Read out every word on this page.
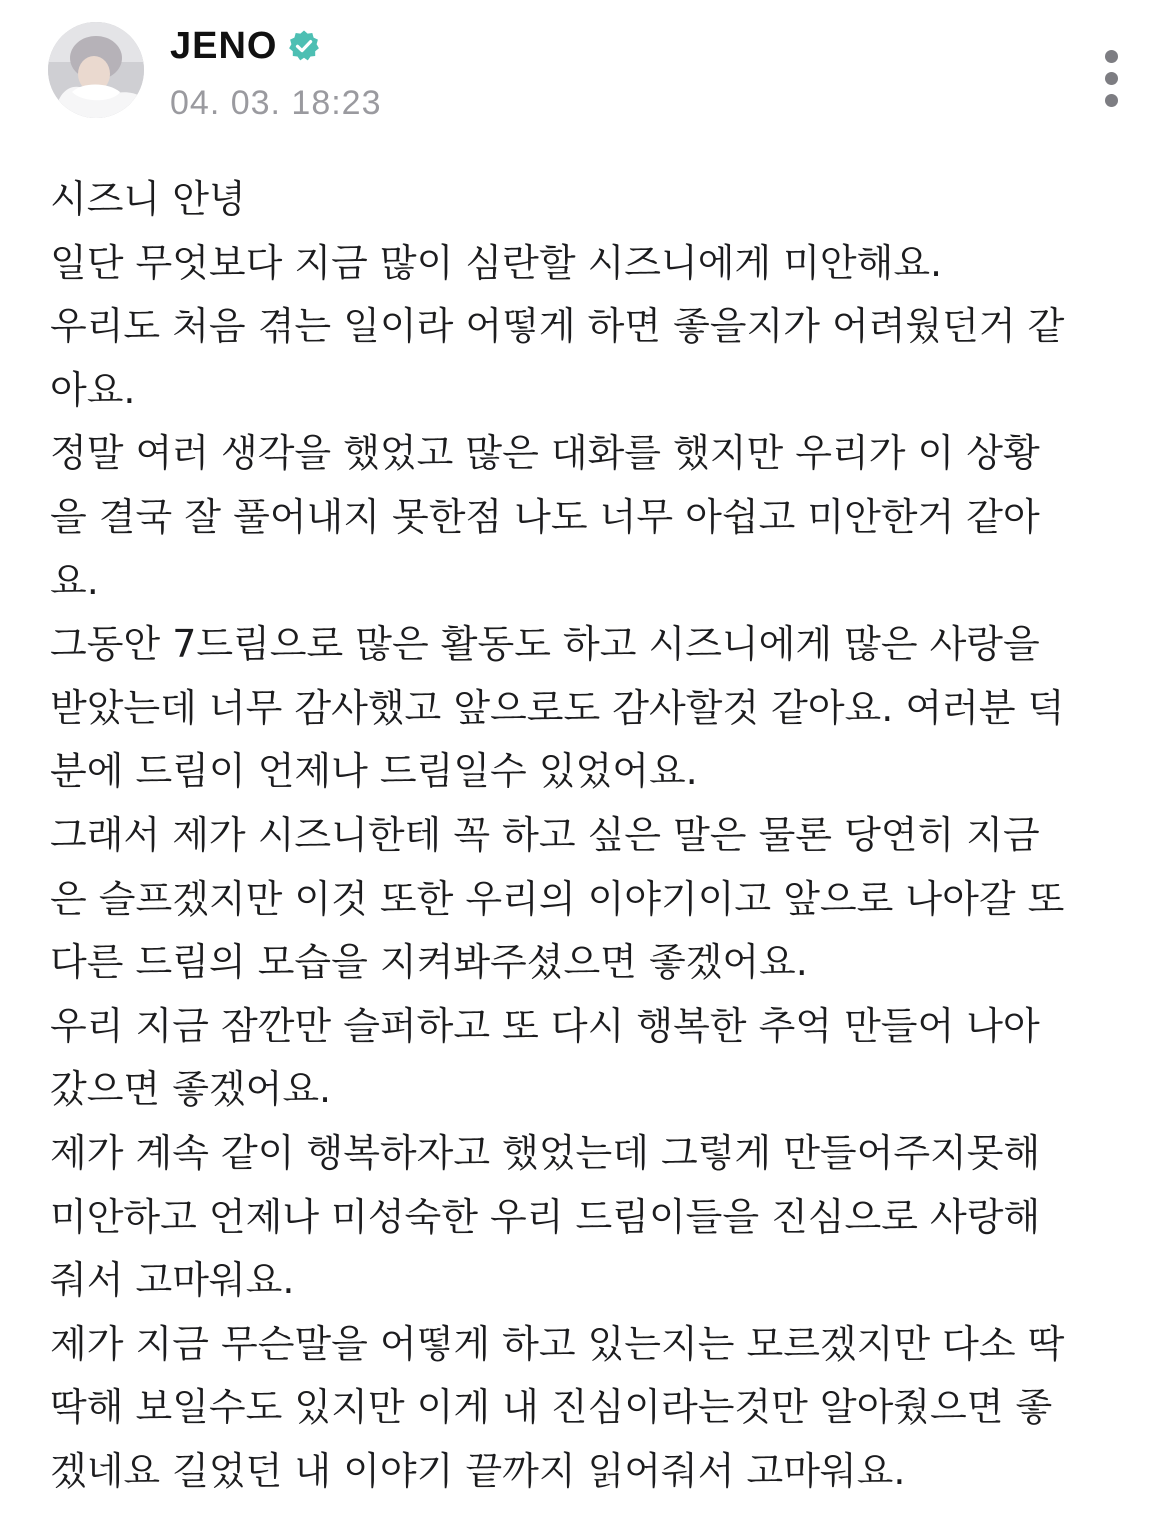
JENO
04. 03. 18:23
시즈니 안녕
일단 무엇보다 지금 많이 심란할 시즈니에게 미안해요.
우리도 처음 겪는 일이라 어떻게 하면 좋을지가 어려웠던거 같
아요.
정말 여러 생각을 했었고 많은 대화를 했지만 우리가 이 상황
을 결국 잘 풀어내지 못한점 나도 너무 아쉽고 미안한거 같아
요.
그동안 7드림으로 많은 활동도 하고 시즈니에게 많은 사랑을
받았는데 너무 감사했고 앞으로도 감사할것 같아요. 여러분 덕
분에 드림이 언제나 드림일수 있었어요.
그래서 제가 시즈니한테 꼭 하고 싶은 말은 물론 당연히 지금
은 슬프겠지만 이것 또한 우리의 이야기이고 앞으로 나아갈 또
다른 드림의 모습을 지켜봐주셨으면 좋겠어요.
우리 지금 잠깐만 슬퍼하고 또 다시 행복한 추억 만들어 나아
갔으면 좋겠어요.
제가 계속 같이 행복하자고 했었는데 그렇게 만들어주지못해
미안하고 언제나 미성숙한 우리 드림이들을 진심으로 사랑해
줘서 고마워요.
제가 지금 무슨말을 어떻게 하고 있는지는 모르겠지만 다소 딱
딱해 보일수도 있지만 이게 내 진심이라는것만 알아줬으면 좋
겠네요 길었던 내 이야기 끝까지 읽어줘서 고마워요.
